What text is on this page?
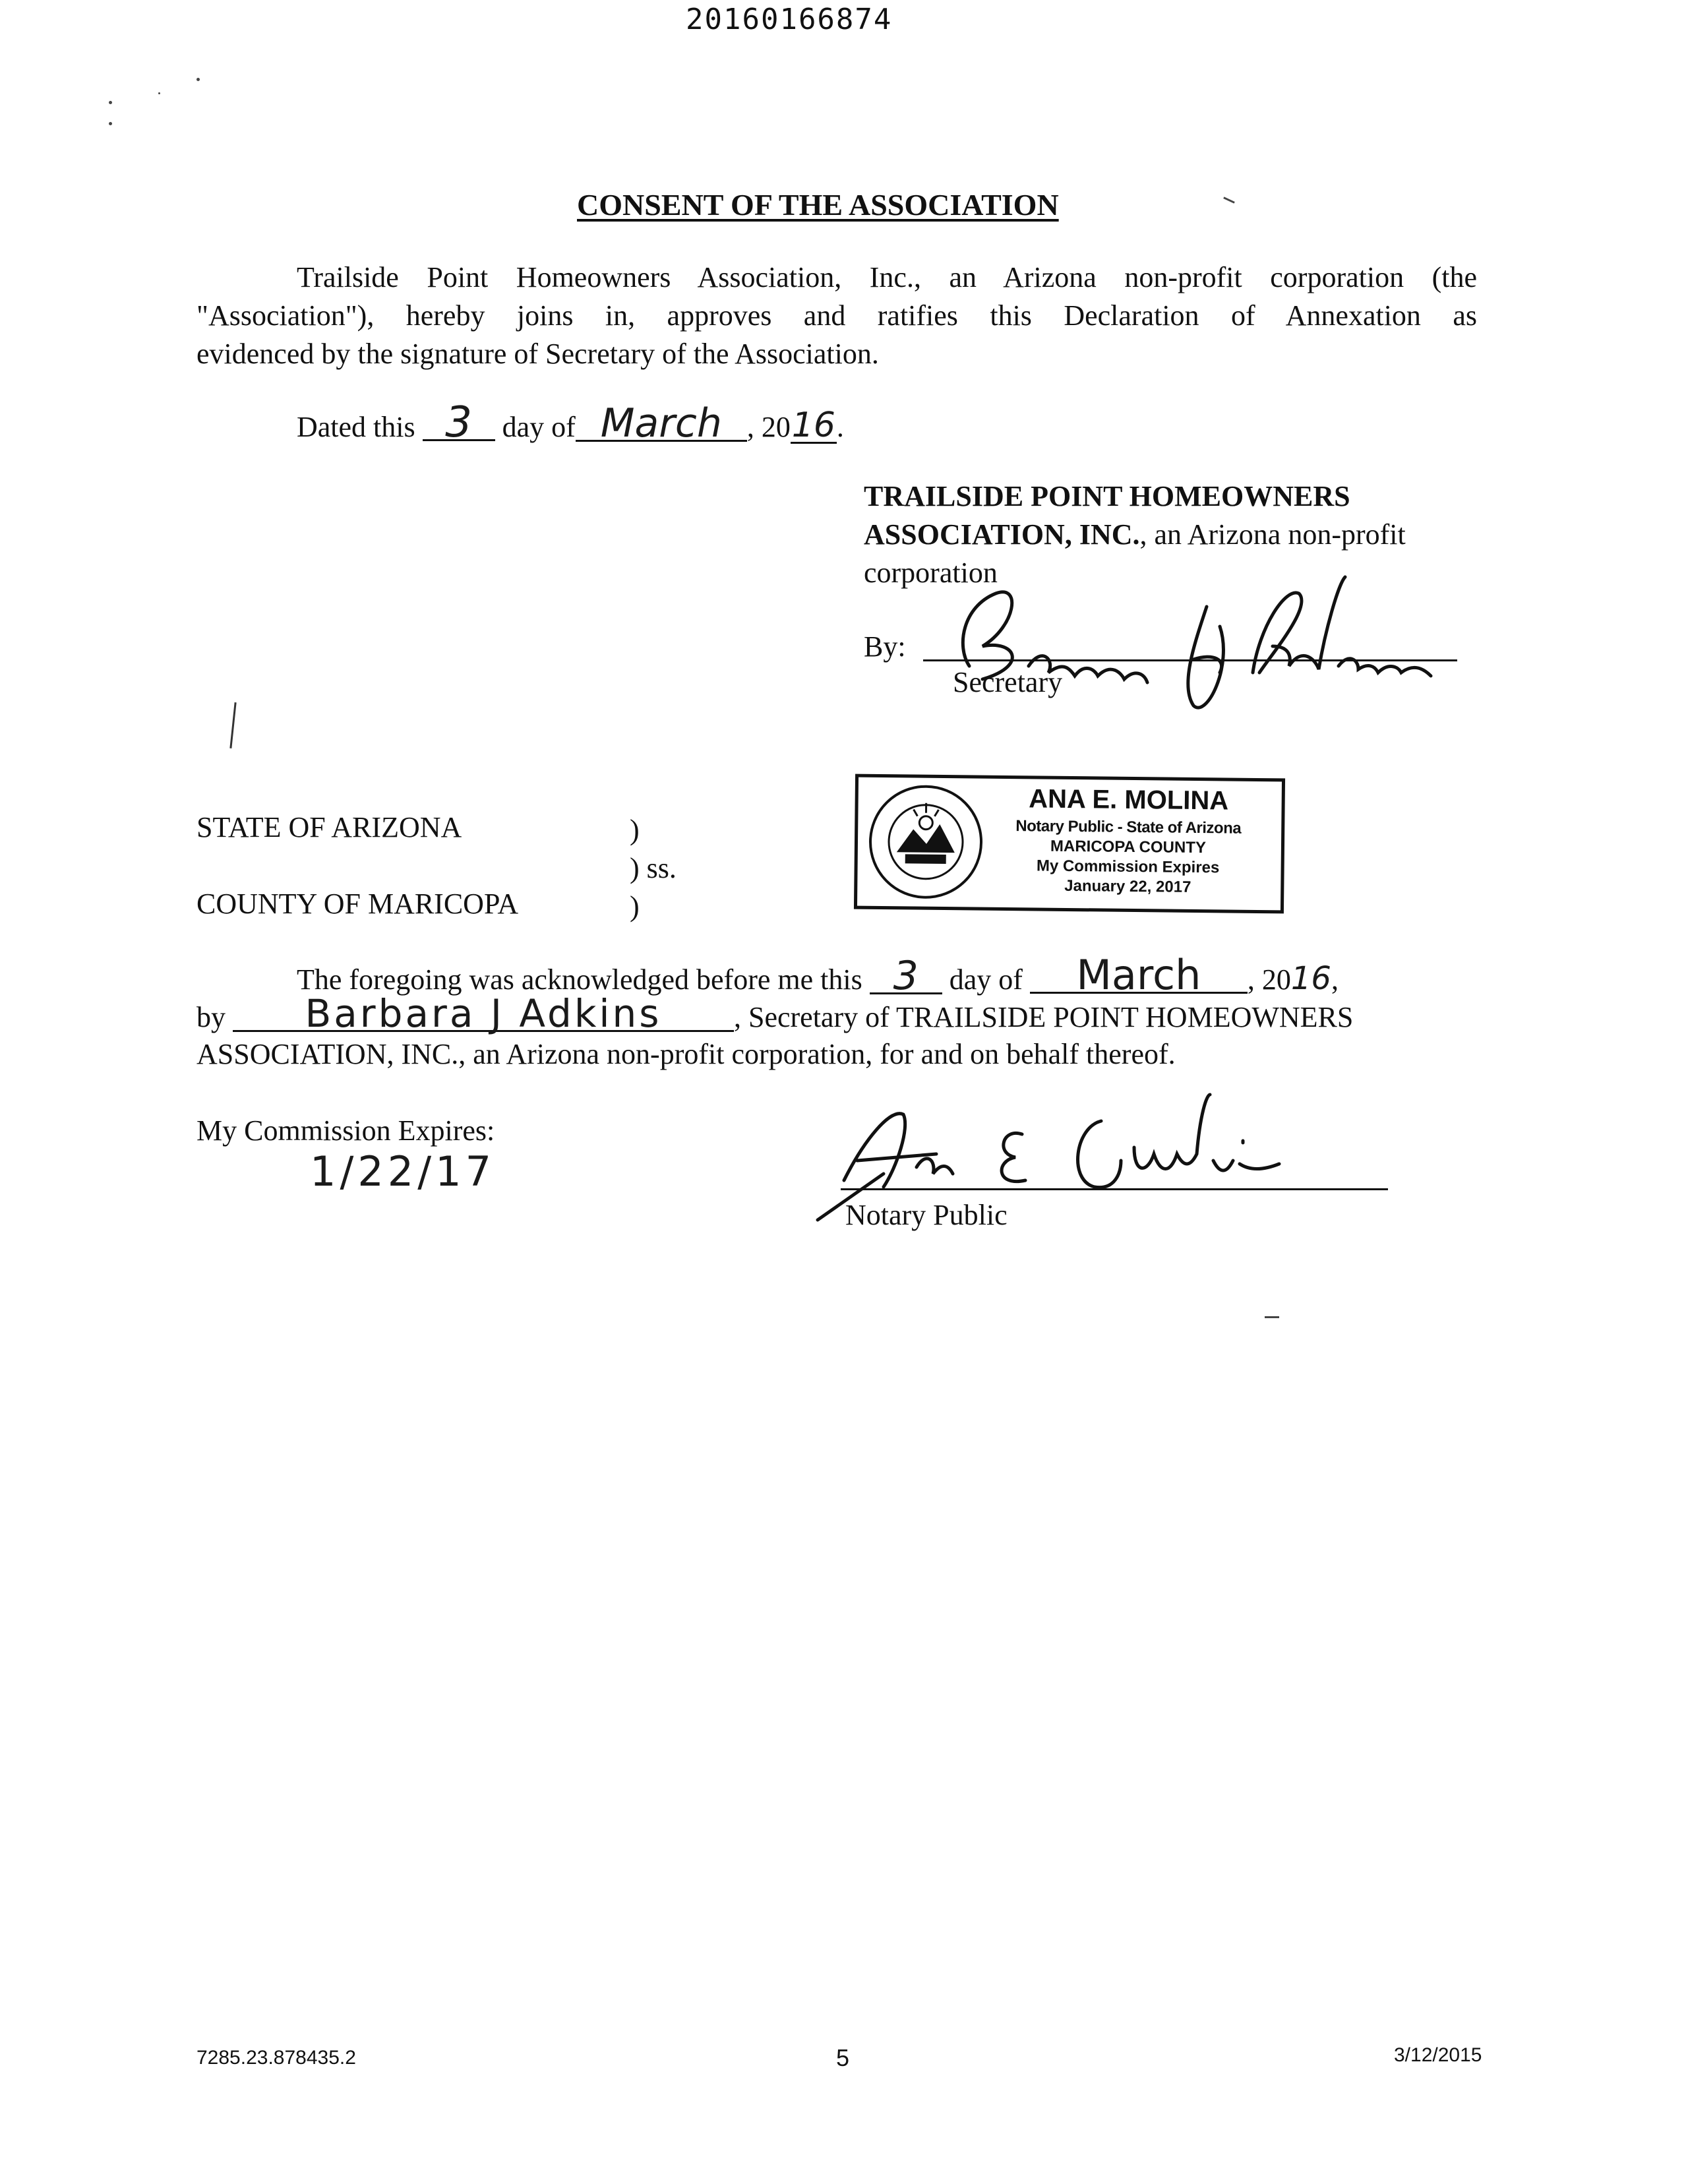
20160166874
CONSENT OF THE ASSOCIATION
Trailside Point Homeowners Association, Inc., an Arizona non-profit corporation (the
"Association"), hereby joins in, approves and ratifies this Declaration of Annexation as
evidenced by the signature of Secretary of the Association.
Dated this 3 day of March , 2016.
TRAILSIDE POINT HOMEOWNERS
ASSOCIATION, INC., an Arizona non-profit
corporation
By:
Secretary
STATE OF ARIZONA	)
) ss.
COUNTY OF MARICOPA	)
ANA E. MOLINA
Notary Public - State of Arizona
MARICOPA COUNTY
My Commission Expires
January 22, 2017
The foregoing was acknowledged before me this 3 day of March , 2016,
by Barbara J Adkins , Secretary of TRAILSIDE POINT HOMEOWNERS
ASSOCIATION, INC., an Arizona non-profit corporation, for and on behalf thereof.
My Commission Expires:
1/22/17
Notary Public
7285.23.878435.2	5	3/12/2015
